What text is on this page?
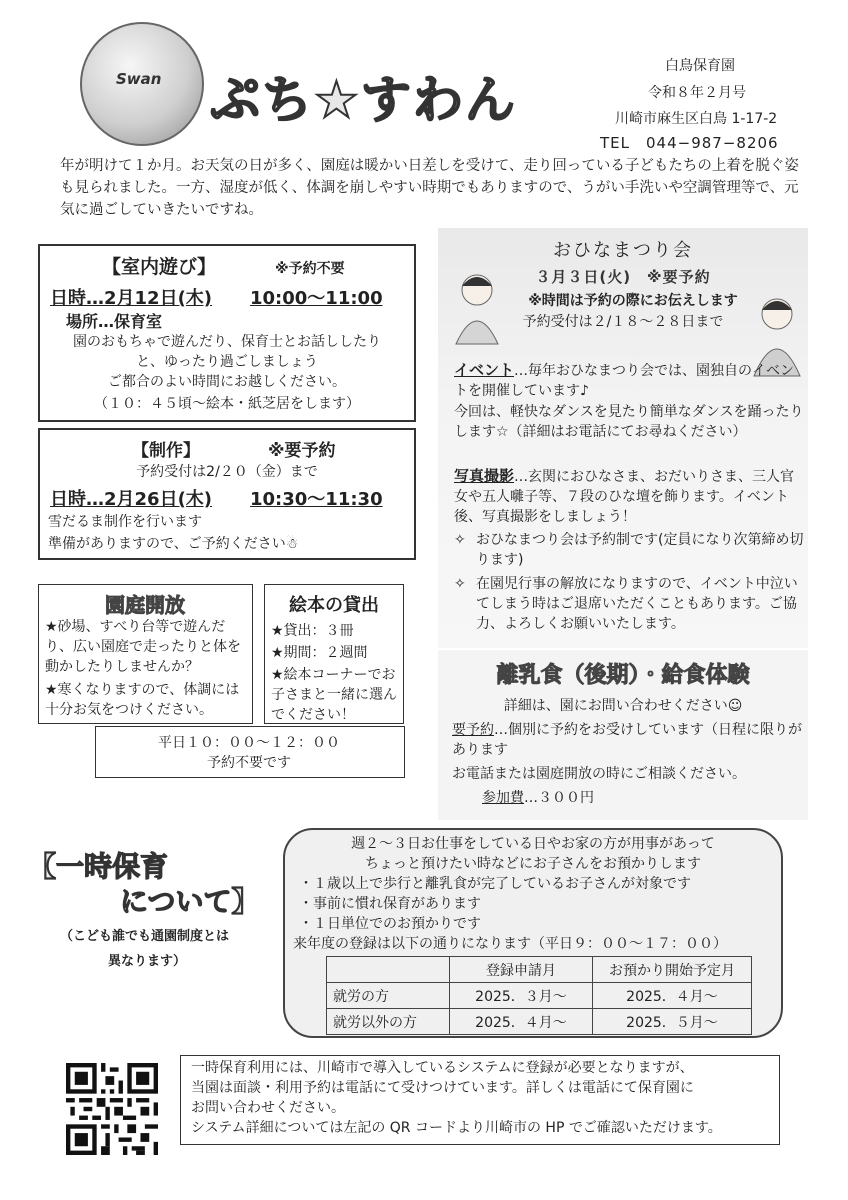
Swan ぷち★すわん
白鳥保育園
令和８年２月号
川崎市麻生区白鳥 1-17-2
TEL　044−987−8206
年が明けて１か月。お天気の日が多く、園庭は暖かい日差しを受けて、走り回っている子どもたちの上着を脱ぐ姿も見られました。一方、湿度が低く、体調を崩しやすい時期でもありますので、うがい手洗いや空調管理等で、元気に過ごしていきたいですね。
【室内遊び】	※予約不要
日時…2月12日(木) 10:00〜11:00
場所…保育室
園のおもちゃで遊んだり、保育士とお話ししたり
と、ゆったり過ごしましょう
ご都合のよい時間にお越しください。
（１０：４５頃〜絵本・紙芝居をします）
【制作】	※要予約
予約受付は2/２０（金）まで
日時…2月26日(木) 10:30〜11:30
雪だるま制作を行います
準備がありますので、ご予約ください☃
園庭開放
★砂場、すべり台等で遊んだり、広い園庭で走ったりと体を動かしたりしませんか？
★寒くなりますので、体調には十分お気をつけください。
絵本の貸出
★貸出：３冊
★期間：２週間
★絵本コーナーでお子さまと一緒に選んでください！
平日１０：００〜１２：００
予約不要です
おひなまつり会
３月３日(火)　※要予約
※時間は予約の際にお伝えします
予約受付は２/１８〜２８日まで
イベント…毎年おひなまつり会では、園独自のイベントを開催しています♪
今回は、軽快なダンスを見たり簡単なダンスを踊ったりします☆（詳細はお電話にてお尋ねください）
写真撮影…玄関におひなさま、おだいりさま、三人官女や五人囃子等、７段のひな壇を飾ります。イベント後、写真撮影をしましょう！
✧ おひなまつり会は予約制です(定員になり次第締め切ります)
✧ 在園児行事の解放になりますので、イベント中泣いてしまう時はご退席いただくこともあります。ご協力、よろしくお願いいたします。
離乳食（後期）・給食体験
詳細は、園にお問い合わせください☺
要予約…個別に予約をお受けしています（日程に限りがあります
お電話または園庭開放の時にご相談ください。
参加費…３００円
【一時保育
について】
（こども誰でも通園制度とは
異なります）
週２〜３日お仕事をしている日やお家の方が用事があって
ちょっと預けたい時などにお子さんをお預かりします
・１歳以上で歩行と離乳食が完了しているお子さんが対象です
・事前に慣れ保育があります
・１日単位でのお預かりです
来年度の登録は以下の通りになります（平日９：００〜１７：００）
	登録申請月	お預かり開始予定月
就労の方	2025．３月〜	2025．４月〜
就労以外の方	2025．４月〜	2025．５月〜
一時保育利用には、川崎市で導入しているシステムに登録が必要となりますが、
当園は面談・利用予約は電話にて受けつけています。詳しくは電話にて保育園に
お問い合わせください。
システム詳細については左記の QR コードより川崎市の HP でご確認いただけます。
